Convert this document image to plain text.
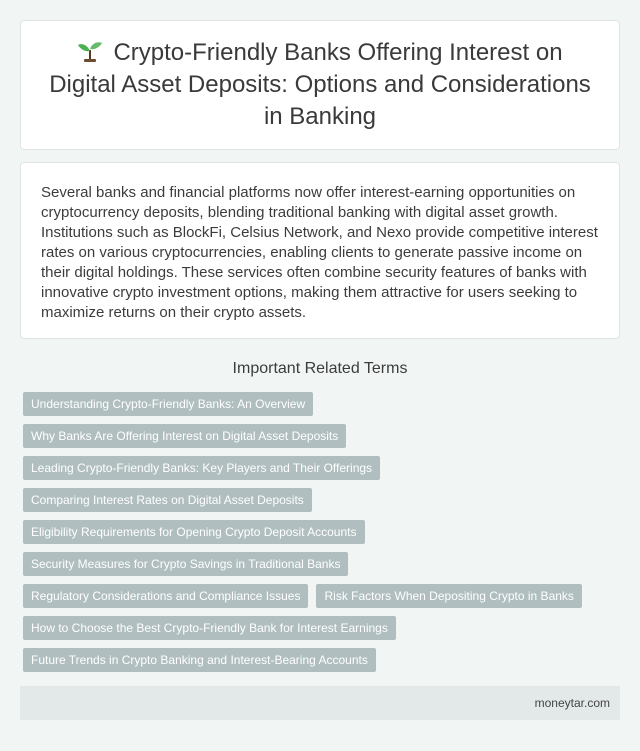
Crypto-Friendly Banks Offering Interest on Digital Asset Deposits: Options and Considerations in Banking

Several banks and financial platforms now offer interest-earning opportunities on cryptocurrency deposits, blending traditional banking with digital asset growth. Institutions such as BlockFi, Celsius Network, and Nexo provide competitive interest rates on various cryptocurrencies, enabling clients to generate passive income on their digital holdings. These services often combine security features of banks with innovative crypto investment options, making them attractive for users seeking to maximize returns on their crypto assets.

Important Related Terms
Understanding Crypto-Friendly Banks: An Overview
Why Banks Are Offering Interest on Digital Asset Deposits
Leading Crypto-Friendly Banks: Key Players and Their Offerings
Comparing Interest Rates on Digital Asset Deposits
Eligibility Requirements for Opening Crypto Deposit Accounts
Security Measures for Crypto Savings in Traditional Banks
Regulatory Considerations and Compliance Issues	Risk Factors When Depositing Crypto in Banks
How to Choose the Best Crypto-Friendly Bank for Interest Earnings
Future Trends in Crypto Banking and Interest-Bearing Accounts
moneytar.com
